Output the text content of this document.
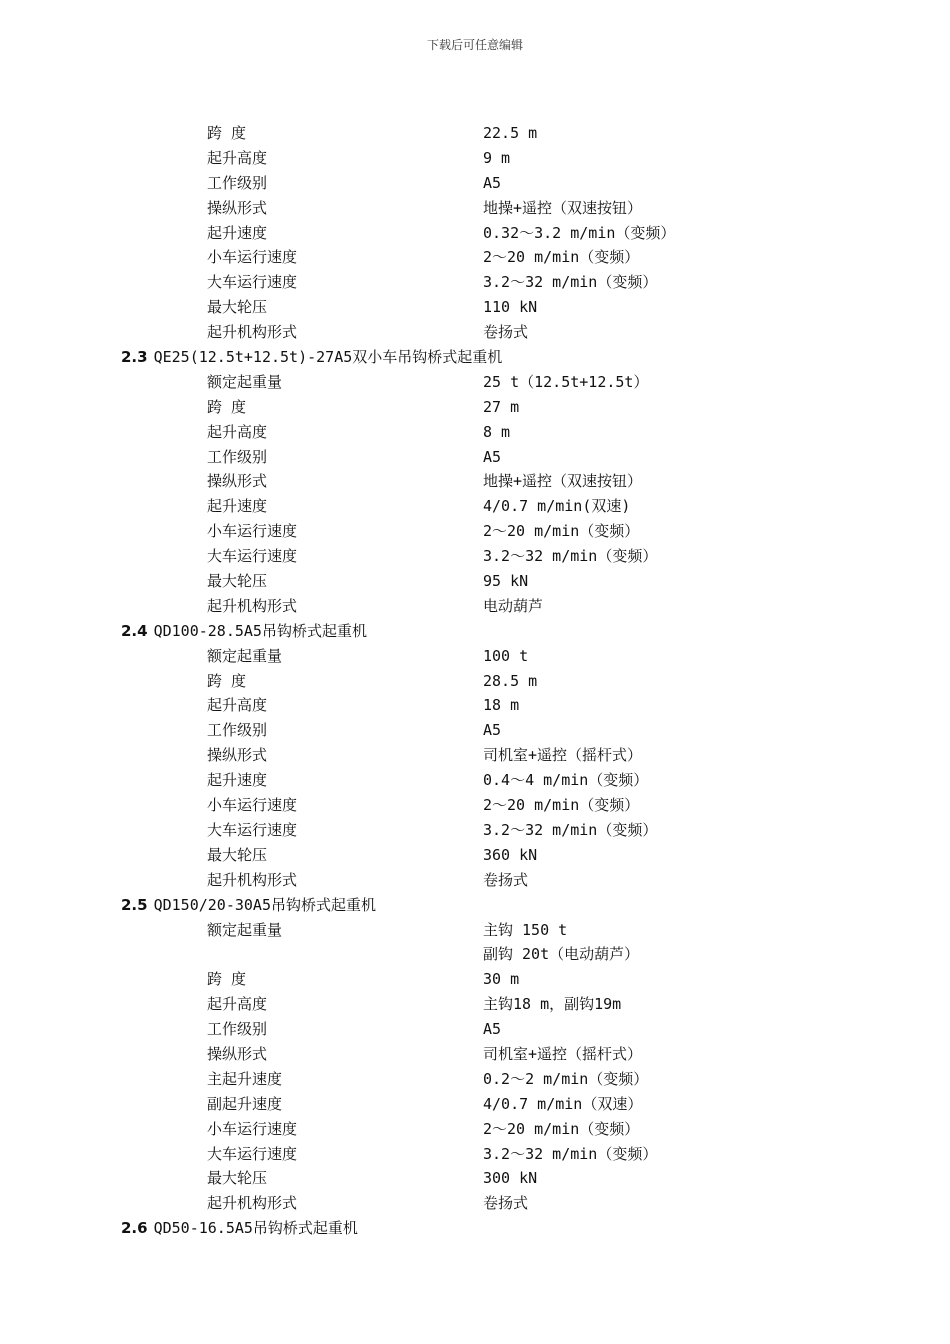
下载后可任意编辑
跨 度	22.5 m
起升高度	9 m
工作级别	A5
操纵形式	地操+遥控（双速按钮）
起升速度	0.32～3.2 m/min（变频）
小车运行速度	2～20 m/min（变频）
大车运行速度	3.2～32 m/min（变频）
最大轮压	110 kN
起升机构形式	卷扬式
2.3 QE25(12.5t+12.5t)-27A5双小车吊钩桥式起重机
额定起重量	25 t（12.5t+12.5t）
跨 度	27 m
起升高度	8 m
工作级别	A5
操纵形式	地操+遥控（双速按钮）
起升速度	4/0.7 m/min(双速)
小车运行速度	2～20 m/min（变频）
大车运行速度	3.2～32 m/min（变频）
最大轮压	95 kN
起升机构形式	电动葫芦
2.4 QD100-28.5A5吊钩桥式起重机
额定起重量	100 t
跨 度	28.5 m
起升高度	18 m
工作级别	A5
操纵形式	司机室+遥控（摇杆式）
起升速度	0.4～4 m/min（变频）
小车运行速度	2～20 m/min（变频）
大车运行速度	3.2～32 m/min（变频）
最大轮压	360 kN
起升机构形式	卷扬式
2.5 QD150/20-30A5吊钩桥式起重机
额定起重量	主钩 150 t
副钩 20t（电动葫芦）
跨 度	30 m
起升高度	主钩18 m，副钩19m
工作级别	A5
操纵形式	司机室+遥控（摇杆式）
主起升速度	0.2～2 m/min（变频）
副起升速度	4/0.7 m/min（双速）
小车运行速度	2～20 m/min（变频）
大车运行速度	3.2～32 m/min（变频）
最大轮压	300 kN
起升机构形式	卷扬式
2.6 QD50-16.5A5吊钩桥式起重机
